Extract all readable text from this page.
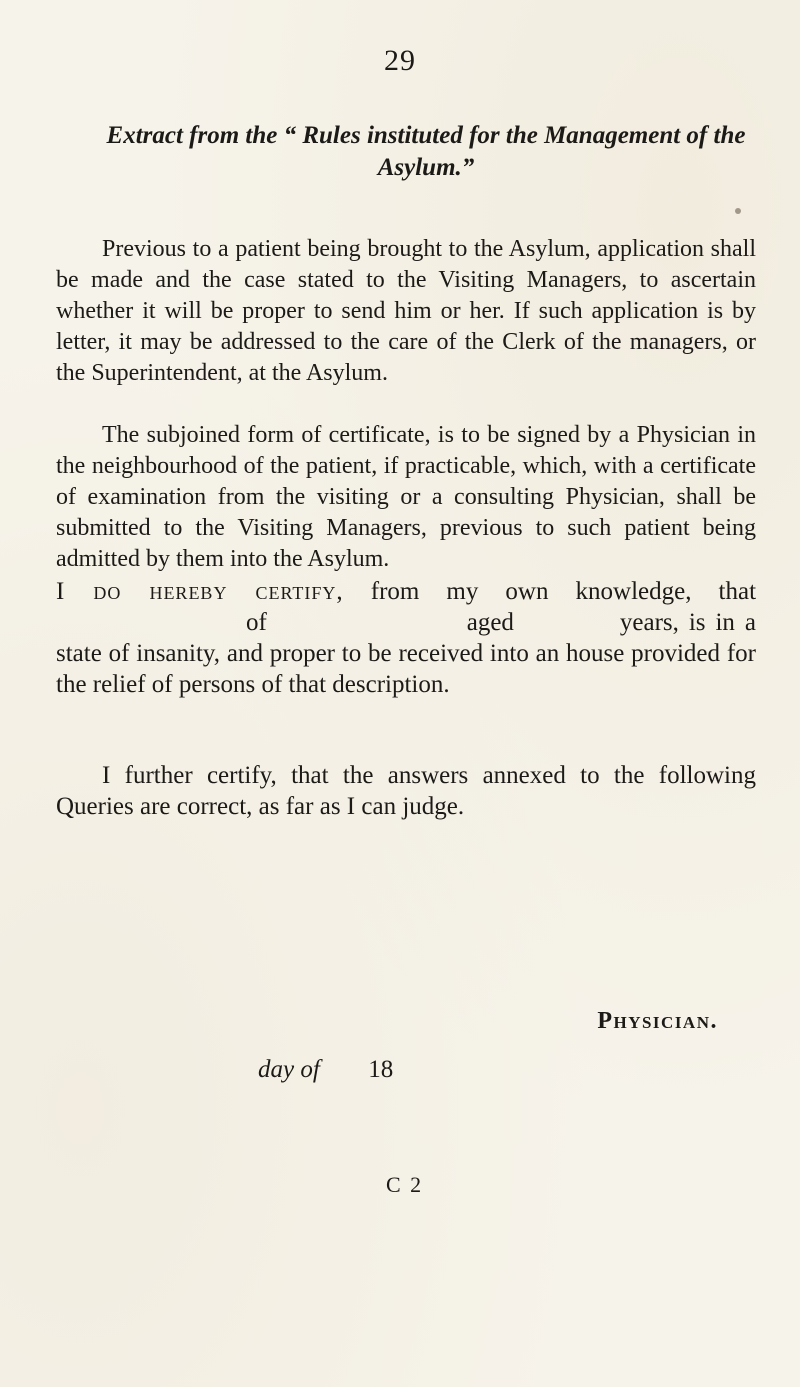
29
Extract from the “ Rules instituted for the Management of the Asylum.”
Previous to a patient being brought to the Asylum, application shall be made and the case stated to the Visiting Managers, to ascertain whether it will be proper to send him or her. If such application is by letter, it may be addressed to the care of the Clerk of the managers, or the Superintendent, at the Asylum.
The subjoined form of certificate, is to be signed by a Physician in the neighbourhood of the patient, if practicable, which, with a certificate of examination from the visiting or a consulting Physician, shall be submitted to the Visiting Managers, previous to such patient being admitted by them into the Asylum.
I do hereby certify, from my own knowledge, that  of	aged	years, is in a state of insanity, and proper to be received into an house provided for the relief of persons of that description.
I further certify, that the answers annexed to the following Queries are correct, as far as I can judge.
Physician.
day of 18
C 2
